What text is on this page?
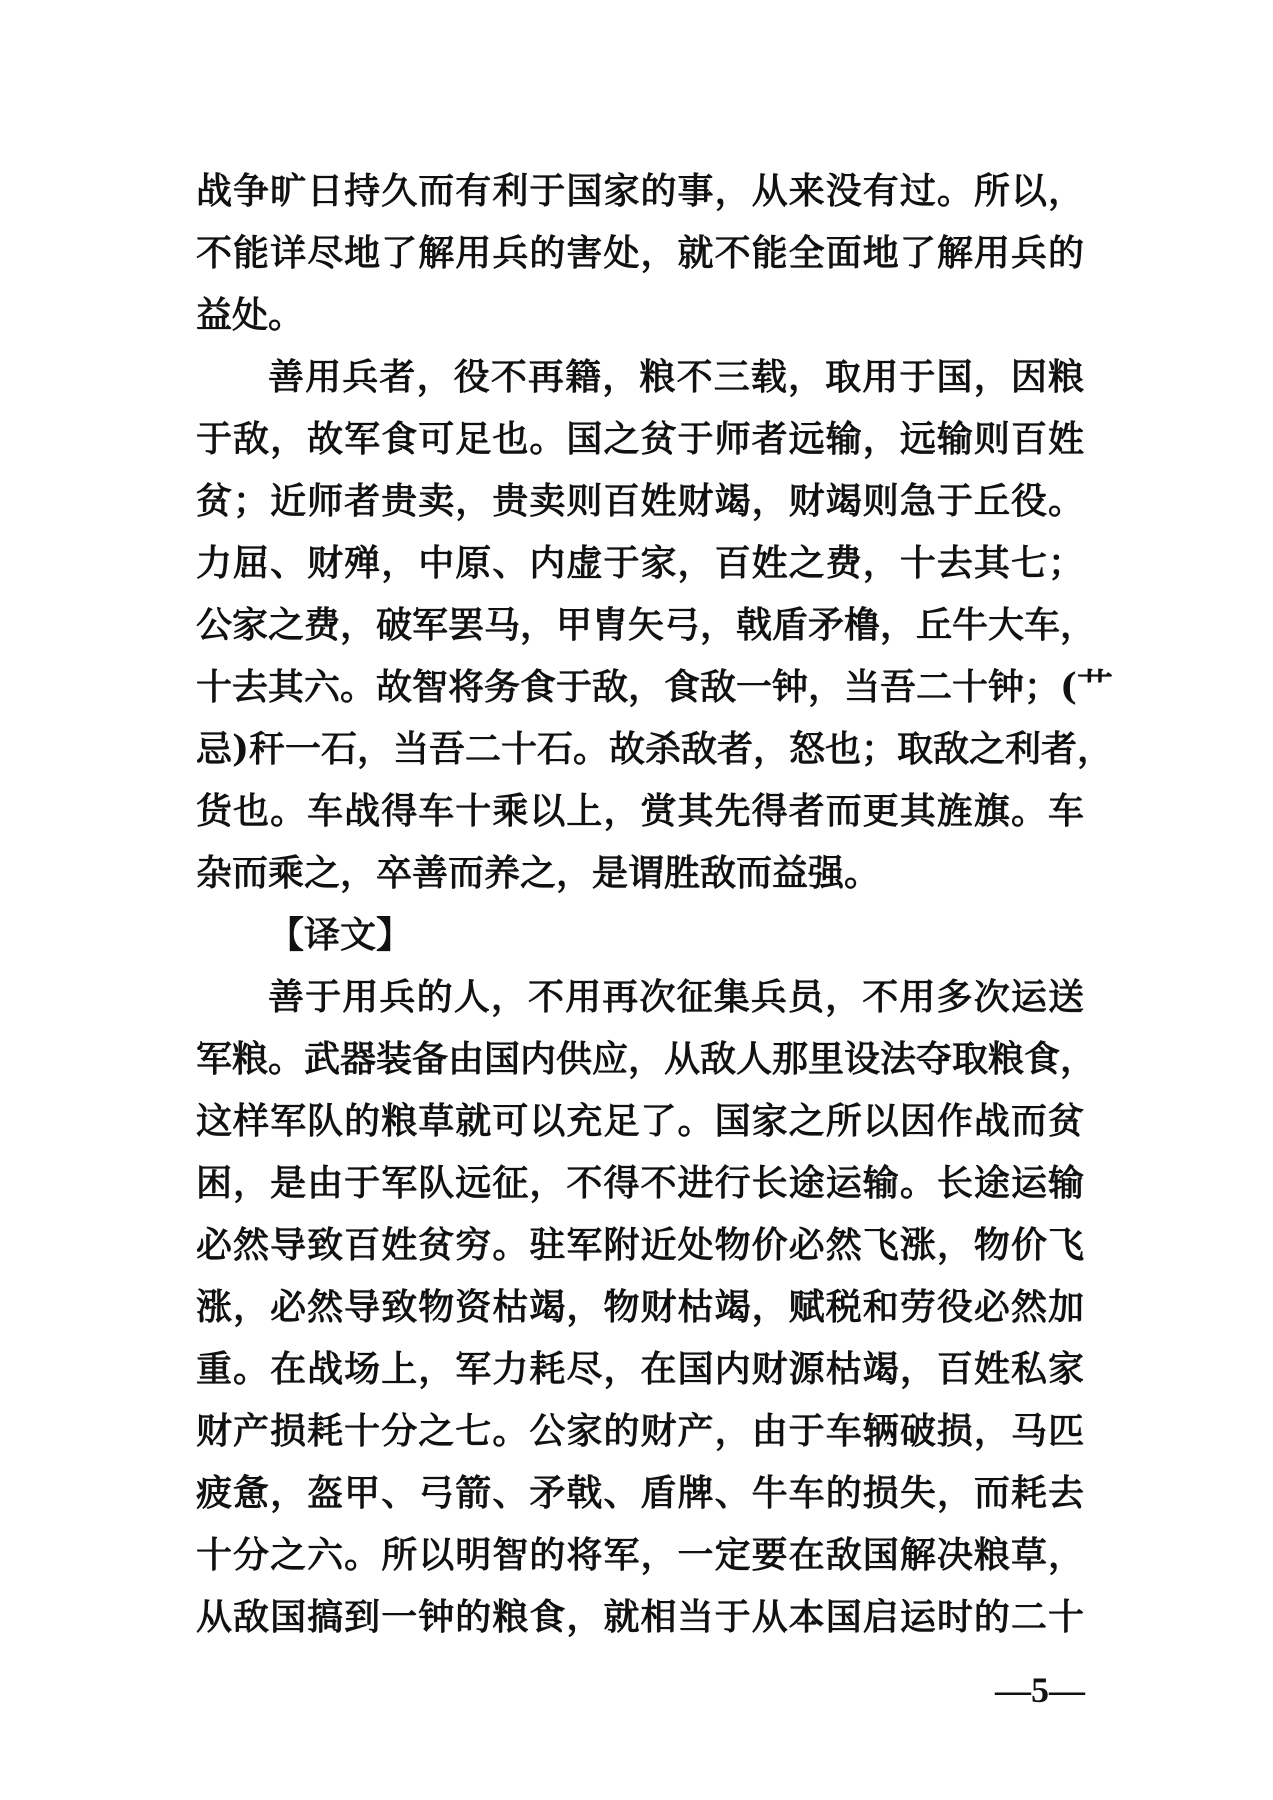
战争旷日持久而有利于国家的事，从来没有过。所以，
不能详尽地了解用兵的害处，就不能全面地了解用兵的
益处。
善用兵者，役不再籍，粮不三载，取用于国，因粮
于敌，故军食可足也。国之贫于师者远输，远输则百姓
贫；近师者贵卖，贵卖则百姓财竭，财竭则急于丘役。
力屈、财殚，中原、内虚于家，百姓之费，十去其七；
公家之费，破军罢马，甲胄矢弓，戟盾矛橹，丘牛大车，
十去其六。故智将务食于敌，食敌一钟，当吾二十钟；(艹
忌)秆一石，当吾二十石。故杀敌者，怒也；取敌之利者，
货也。车战得车十乘以上，赏其先得者而更其旌旗。车
杂而乘之，卒善而养之，是谓胜敌而益强。
【译文】
善于用兵的人，不用再次征集兵员，不用多次运送
军粮。武器装备由国内供应，从敌人那里设法夺取粮食，
这样军队的粮草就可以充足了。国家之所以因作战而贫
困，是由于军队远征，不得不进行长途运输。长途运输
必然导致百姓贫穷。驻军附近处物价必然飞涨，物价飞
涨，必然导致物资枯竭，物财枯竭，赋税和劳役必然加
重。在战场上，军力耗尽，在国内财源枯竭，百姓私家
财产损耗十分之七。公家的财产，由于车辆破损，马匹
疲惫，盔甲、弓箭、矛戟、盾牌、牛车的损失，而耗去
十分之六。所以明智的将军，一定要在敌国解决粮草，
从敌国搞到一钟的粮食，就相当于从本国启运时的二十
—5—
